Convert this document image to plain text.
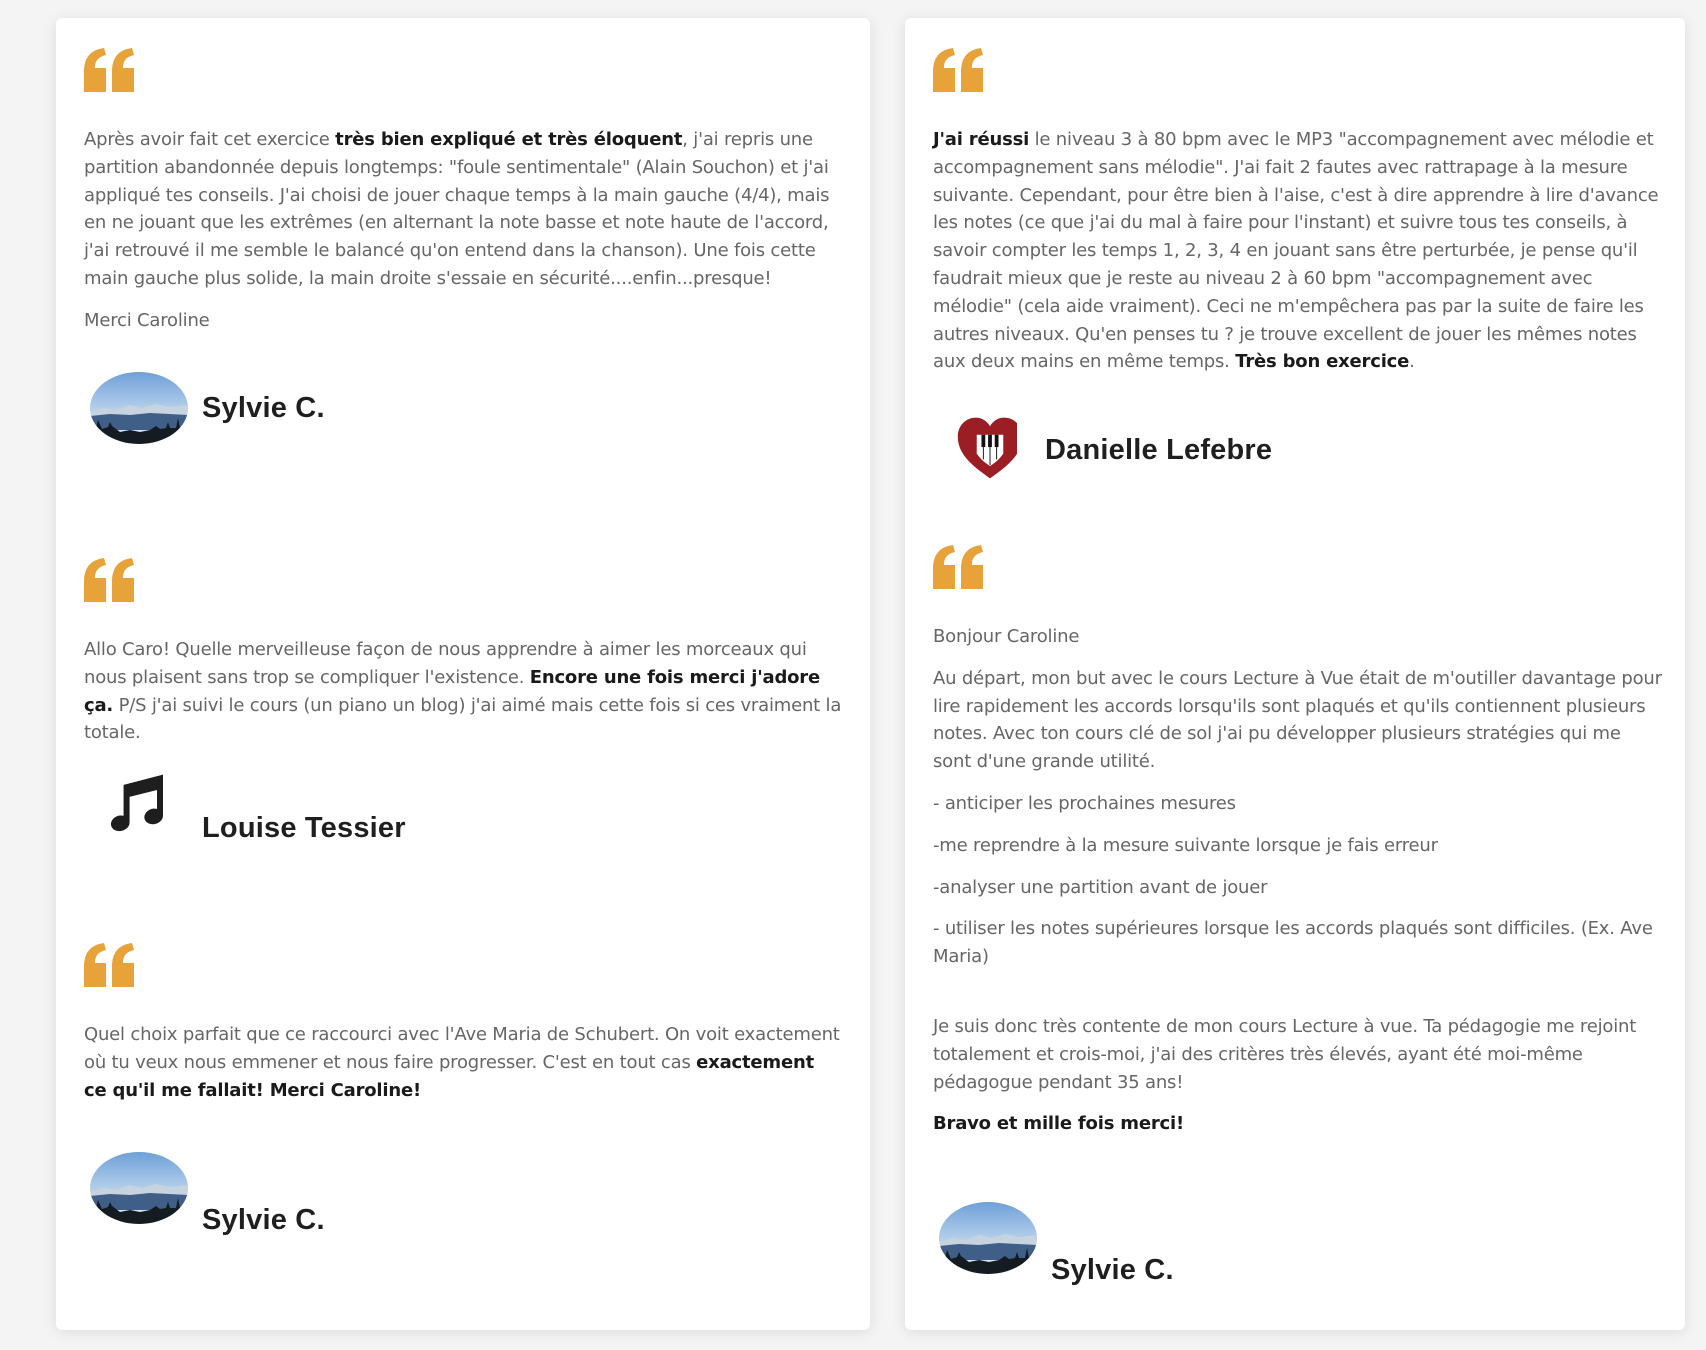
Après avoir fait cet exercice très bien expliqué et très éloquent, j'ai repris une partition abandonnée depuis longtemps: "foule sentimentale" (Alain Souchon) et j'ai appliqué tes conseils. J'ai choisi de jouer chaque temps à la main gauche (4/4), mais en ne jouant que les extrêmes (en alternant la note basse et note haute de l'accord, j'ai retrouvé il me semble le balancé qu'on entend dans la chanson). Une fois cette main gauche plus solide, la main droite s'essaie en sécurité....enfin...presque!

Merci Caroline

Sylvie C.

Allo Caro! Quelle merveilleuse façon de nous apprendre à aimer les morceaux qui nous plaisent sans trop se compliquer l'existence. Encore une fois merci j'adore ça. P/S j'ai suivi le cours (un piano un blog) j'ai aimé mais cette fois si ces vraiment la totale.

Louise Tessier

Quel choix parfait que ce raccourci avec l'Ave Maria de Schubert. On voit exactement où tu veux nous emmener et nous faire progresser. C'est en tout cas exactement ce qu'il me fallait! Merci Caroline!

Sylvie C.

J'ai réussi le niveau 3 à 80 bpm avec le MP3 "accompagnement avec mélodie et accompagnement sans mélodie". J'ai fait 2 fautes avec rattrapage à la mesure suivante. Cependant, pour être bien à l'aise, c'est à dire apprendre à lire d'avance les notes (ce que j'ai du mal à faire pour l'instant) et suivre tous tes conseils, à savoir compter les temps 1, 2, 3, 4 en jouant sans être perturbée, je pense qu'il faudrait mieux que je reste au niveau 2 à 60 bpm "accompagnement avec mélodie" (cela aide vraiment). Ceci ne m'empêchera pas par la suite de faire les autres niveaux. Qu'en penses tu ? je trouve excellent de jouer les mêmes notes aux deux mains en même temps. Très bon exercice.

Danielle Lefebre

Bonjour Caroline

Au départ, mon but avec le cours Lecture à Vue était de m'outiller davantage pour lire rapidement les accords lorsqu'ils sont plaqués et qu'ils contiennent plusieurs notes. Avec ton cours clé de sol j'ai pu développer plusieurs stratégies qui me sont d'une grande utilité.

- anticiper les prochaines mesures

-me reprendre à la mesure suivante lorsque je fais erreur

-analyser une partition avant de jouer

- utiliser les notes supérieures lorsque les accords plaqués sont difficiles. (Ex. Ave Maria)

Je suis donc très contente de mon cours Lecture à vue. Ta pédagogie me rejoint totalement et crois-moi, j'ai des critères très élevés, ayant été moi-même pédagogue pendant 35 ans!

Bravo et mille fois merci!

Sylvie C.
